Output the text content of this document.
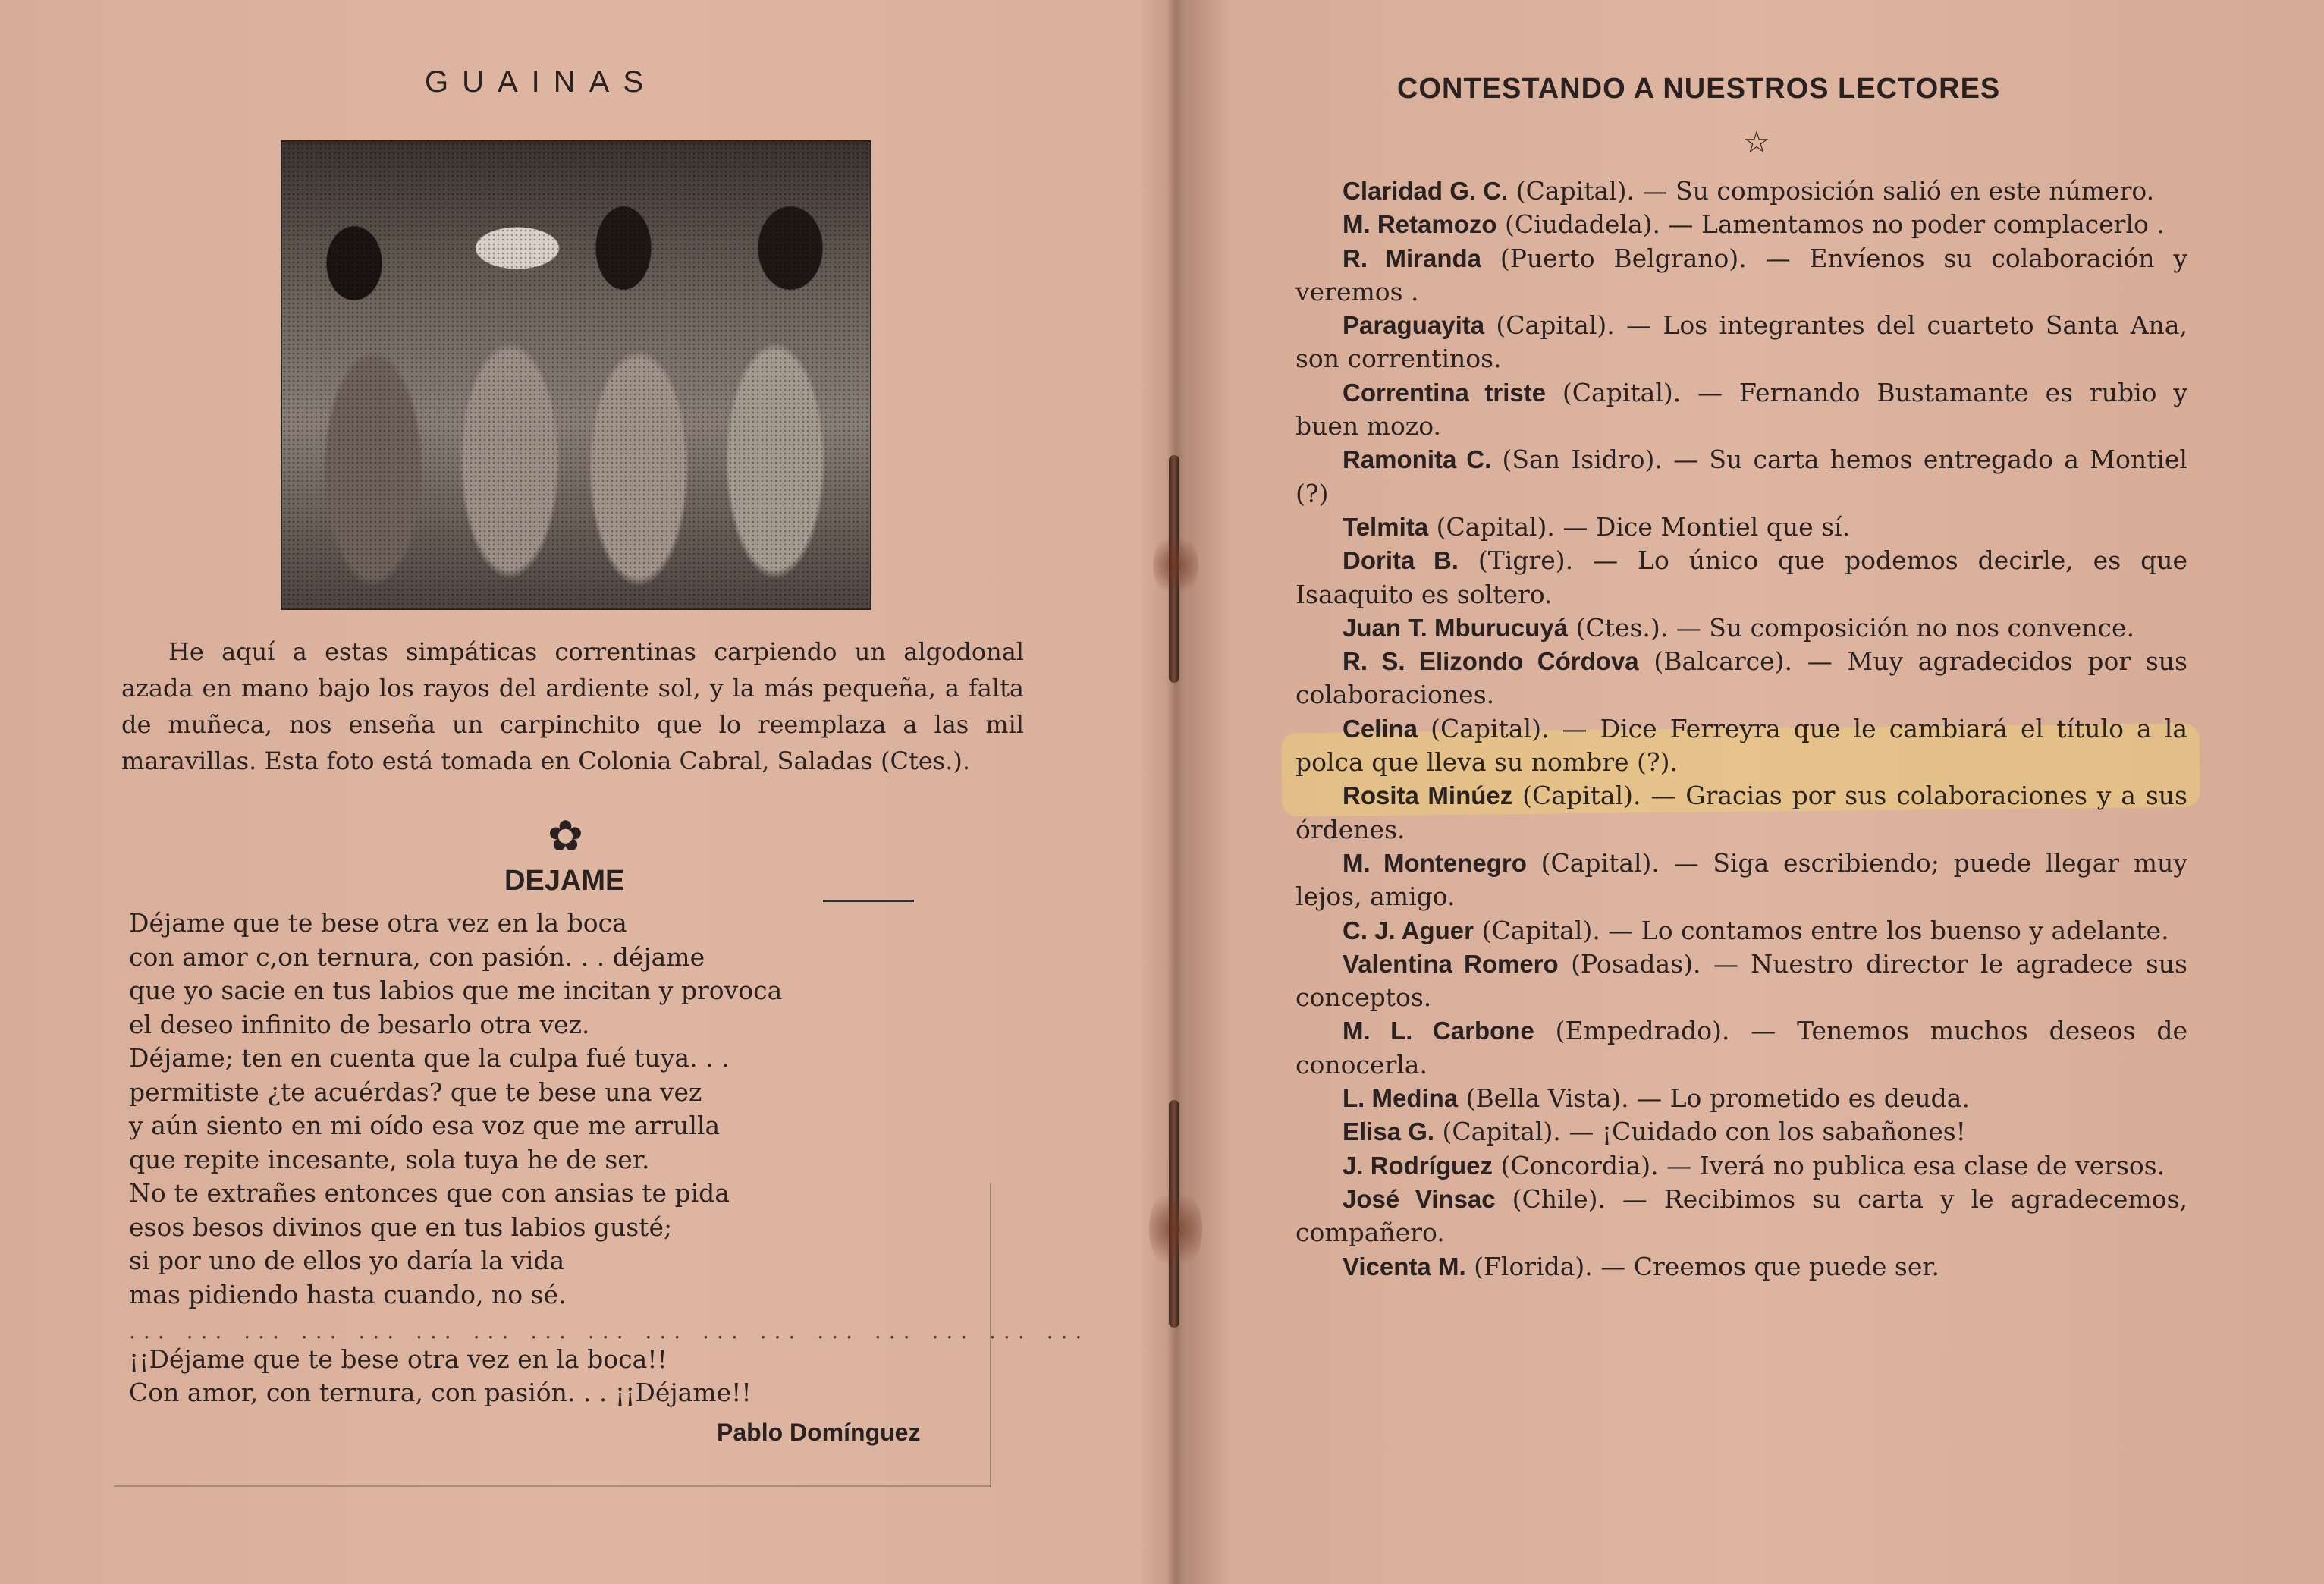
GUAINAS
He aquí a estas simpáticas correntinas carpiendo un algodonal azada en mano bajo los rayos del ardiente sol, y la más pequeña, a falta de muñeca, nos enseña un carpinchito que lo reemplaza a las mil maravillas. Esta foto está tomada en Colonia Cabral, Saladas (Ctes.).
✿
DEJAME
Déjame que te bese otra vez en la boca
con amor c,on ternura, con pasión. . . déjame
que yo sacie en tus labios que me incitan y provoca
el deseo infinito de besarlo otra vez.
Déjame; ten en cuenta que la culpa fué tuya. . .
permitiste ¿te acuérdas? que te bese una vez
y aún siento en mi oído esa voz que me arrulla
que repite incesante, sola tuya he de ser.
No te extrañes entonces que con ansias te pida
esos besos divinos que en tus labios gusté;
si por uno de ellos yo daría la vida
mas pidiendo hasta cuando, no sé.
... ... ... ... ... ... ... ... ... ... ... ... ... ... ... ... ...
¡¡Déjame que te bese otra vez en la boca!!
Con amor, con ternura, con pasión. . . ¡¡Déjame!!
Pablo Domínguez
CONTESTANDO A NUESTROS LECTORES
☆
Claridad G. C. (Capital). — Su composición salió en este número.
M. Retamozo (Ciudadela). — Lamentamos no poder complacerlo .
R. Miranda (Puerto Belgrano). — Envíenos su colaboración y veremos .
Paraguayita (Capital). — Los integrantes del cuarteto Santa Ana, son correntinos.
Correntina triste (Capital). — Fernando Bustamante es rubio y buen mozo.
Ramonita C. (San Isidro). — Su carta hemos entregado a Montiel (?)
Telmita (Capital). — Dice Montiel que sí.
Dorita B. (Tigre). — Lo único que podemos decirle, es que Isaaquito es soltero.
Juan T. Mburucuyá (Ctes.). — Su composición no nos convence.
R. S. Elizondo Córdova (Balcarce). — Muy agradecidos por sus colaboraciones.
Celina (Capital). — Dice Ferreyra que le cambiará el título a la polca que lleva su nombre (?).
Rosita Minúez (Capital). — Gracias por sus colaboraciones y a sus órdenes.
M. Montenegro (Capital). — Siga escribiendo; puede llegar muy lejos, amigo.
C. J. Aguer (Capital). — Lo contamos entre los buenso y adelante.
Valentina Romero (Posadas). — Nuestro director le agradece sus conceptos.
M. L. Carbone (Empedrado). — Tenemos muchos deseos de conocerla.
L. Medina (Bella Vista). — Lo prometido es deuda.
Elisa G. (Capital). — ¡Cuidado con los sabañones!
J. Rodríguez (Concordia). — Iverá no publica esa clase de versos.
José Vinsac (Chile). — Recibimos su carta y le agradecemos, compañero.
Vicenta M. (Florida). — Creemos que puede ser.
